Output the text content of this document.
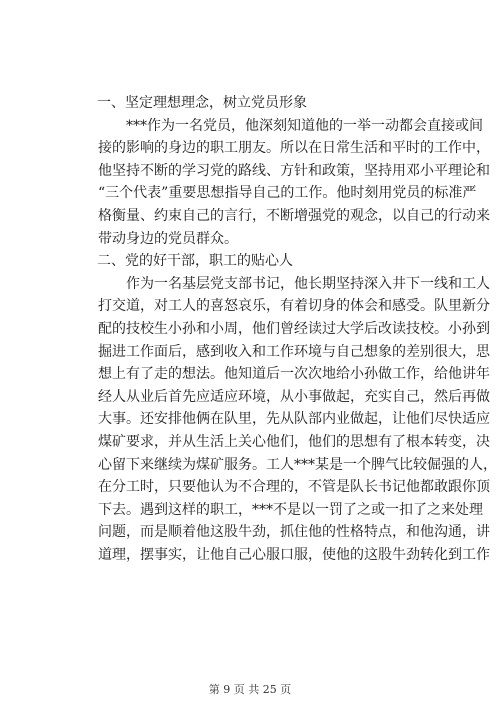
一、坚定理想理念，树立党员形象
***作为一名党员，他深刻知道他的一举一动都会直接或间
接的影响的身边的职工朋友。所以在日常生活和平时的工作中，
他坚持不断的学习党的路线、方针和政策，坚持用邓小平理论和
“三个代表”重要思想指导自己的工作。他时刻用党员的标准严
格衡量、约束自己的言行，不断增强党的观念，以自己的行动来
带动身边的党员群众。
二、党的好干部，职工的贴心人
作为一名基层党支部书记，他长期坚持深入井下一线和工人
打交道，对工人的喜怒哀乐，有着切身的体会和感受。队里新分
配的技校生小孙和小周，他们曾经读过大学后改读技校。小孙到
掘进工作面后，感到收入和工作环境与自己想象的差别很大，思
想上有了走的想法。他知道后一次次地给小孙做工作，给他讲年
经人从业后首先应适应环境，从小事做起，充实自己，然后再做
大事。还安排他俩在队里，先从队部内业做起，让他们尽快适应
煤矿要求，并从生活上关心他们，他们的思想有了根本转变，决
心留下来继续为煤矿服务。工人***某是一个脾气比较倔强的人，
在分工时，只要他认为不合理的，不管是队长书记他都敢跟你顶
下去。遇到这样的职工，***不是以一罚了之或一扣了之来处理
问题，而是顺着他这股牛劲，抓住他的性格特点，和他沟通，讲
道理，摆事实，让他自己心服口服，使他的这股牛劲转化到工作
第 9 页 共 25 页
